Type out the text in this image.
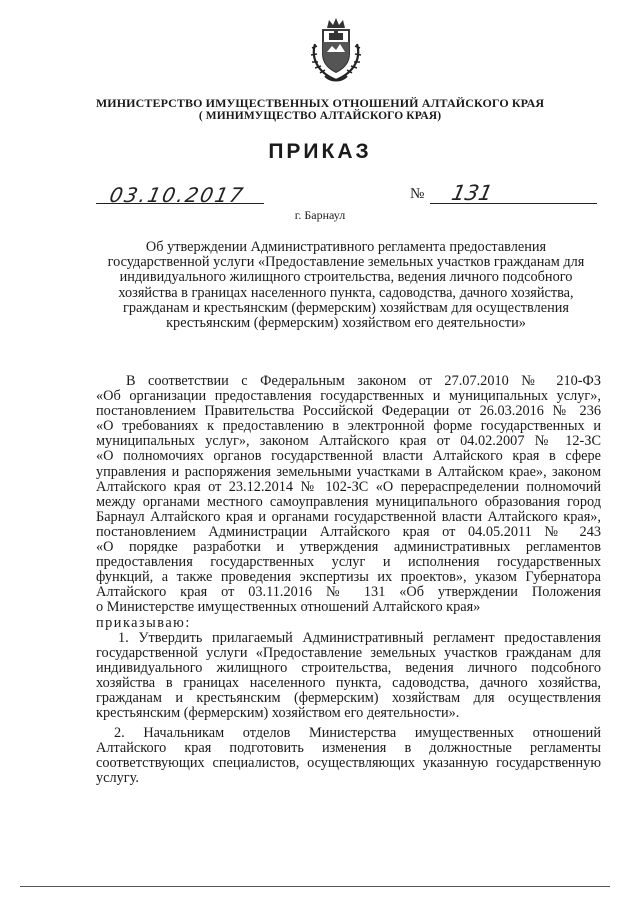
МИНИСТЕРСТВО ИМУЩЕСТВЕННЫХ ОТНОШЕНИЙ АЛТАЙСКОГО КРАЯ
( МИНИМУЩЕСТВО АЛТАЙСКОГО КРАЯ)
ПРИКАЗ
03.10.2017	№ 131
г. Барнаул
Об утверждении Административного регламента предоставления
государственной услуги «Предоставление земельных участков гражданам для
индивидуального жилищного строительства, ведения личного подсобного
хозяйства в границах населенного пункта, садоводства, дачного хозяйства,
гражданам и крестьянским (фермерским) хозяйствам для осуществления
крестьянским (фермерским) хозяйством его деятельности»
В соответствии с Федеральным законом от 27.07.2010 № 210-ФЗ
«Об организации предоставления государственных и муниципальных услуг»,
постановлением Правительства Российской Федерации от 26.03.2016 № 236
«О требованиях к предоставлению в электронной форме государственных и
муниципальных услуг», законом Алтайского края от 04.02.2007 № 12-ЗС
«О полномочиях органов государственной власти Алтайского края в сфере
управления и распоряжения земельными участками в Алтайском крае», законом
Алтайского края от 23.12.2014 № 102-ЗС «О перераспределении полномочий
между органами местного самоуправления муниципального образования город
Барнаул Алтайского края и органами государственной власти Алтайского края»,
постановлением Администрации Алтайского края от 04.05.2011 № 243
«О порядке разработки и утверждения административных регламентов
предоставления государственных услуг и исполнения государственных
функций, а также проведения экспертизы их проектов», указом Губернатора
Алтайского края от 03.11.2016 № 131 «Об утверждении Положения
о Министерстве имущественных отношений Алтайского края»
приказываю:
1. Утвердить прилагаемый Административный регламент предоставления
государственной услуги «Предоставление земельных участков гражданам для
индивидуального жилищного строительства, ведения личного подсобного
хозяйства в границах населенного пункта, садоводства, дачного хозяйства,
гражданам и крестьянским (фермерским) хозяйствам для осуществления
крестьянским (фермерским) хозяйством его деятельности».
2. Начальникам отделов Министерства имущественных отношений
Алтайского края подготовить изменения в должностные регламенты
соответствующих специалистов, осуществляющих указанную государственную
услугу.
